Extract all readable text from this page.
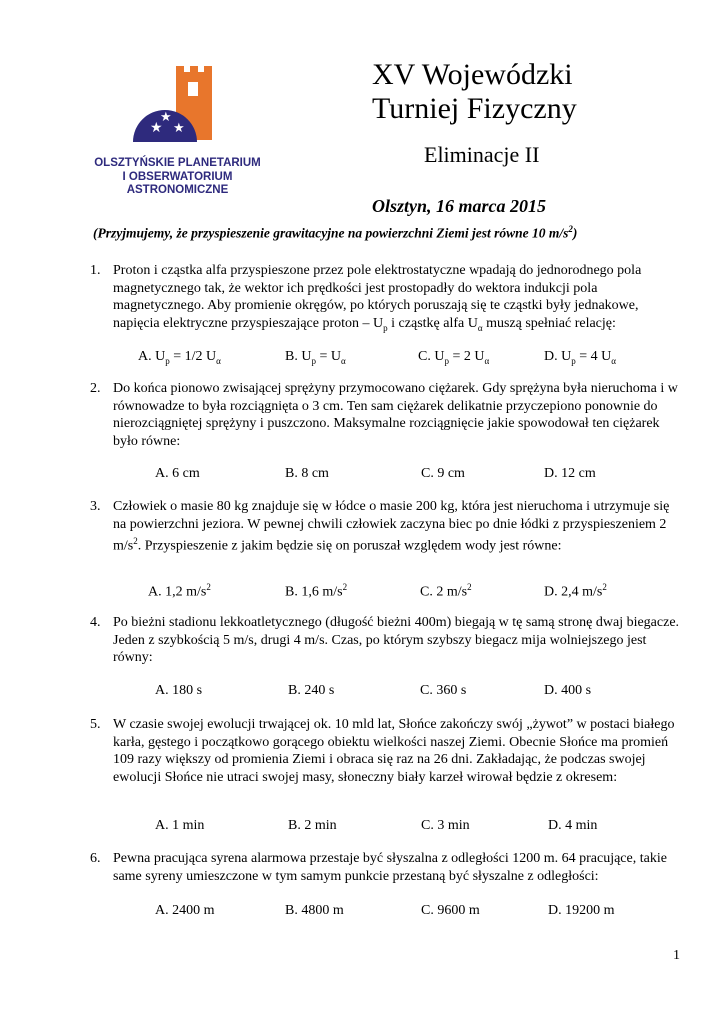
★
★
★
OLSZTYŃSKIE PLANETARIUM
I OBSERWATORIUM
ASTRONOMICZNE
XV Wojewódzki
Turniej Fizyczny
Eliminacje II
Olsztyn, 16 marca 2015
(Przyjmujemy, że przyspieszenie grawitacyjne na powierzchni Ziemi jest równe 10 $m/s^2$)
1. Proton i cząstka alfa przyspieszone przez pole elektrostatyczne wpadają do jednorodnego pola magnetycznego tak, że wektor ich prędkości jest prostopadły do wektora indukcji pola magnetycznego. Aby promienie okręgów, po których poruszają się te cząstki były jednakowe, napięcia elektryczne przyspieszające proton – $U_p$ i cząstkę alfa $U_\alpha$ muszą spełniać relację:
A. $U_p = 1/2$ $U_\alpha$	B. $U_p = U_\alpha$	C. $U_p = 2$ $U_\alpha$	D. $U_p = 4$ $U_\alpha$
2. Do końca pionowo zwisającej sprężyny przymocowano ciężarek. Gdy sprężyna była nieruchoma i w równowadze to była rozciągnięta o 3 cm. Ten sam ciężarek delikatnie przyczepiono ponownie do nierozciągniętej sprężyny i puszczono. Maksymalne rozciągnięcie jakie spowodował ten ciężarek było równe:
A. 6 cm	B. 8 cm	C. 9 cm	D. 12 cm
3. Człowiek o masie 80 kg znajduje się w łódce o masie 200 kg, która jest nieruchoma i utrzymuje się na powierzchni jeziora. W pewnej chwili człowiek zaczyna biec po dnie łódki z przyspieszeniem 2 $m/s^2$. Przyspieszenie z jakim będzie się on poruszał względem wody jest równe:
A. 1,2 $m/s^2$	B. 1,6 $m/s^2$	C. 2 $m/s^2$	D. 2,4 $m/s^2$
4. Po bieżni stadionu lekkoatletycznego (długość bieżni 400m) biegają w tę samą stronę dwaj biegacze. Jeden z szybkością 5 m/s, drugi 4 m/s. Czas, po którym szybszy biegacz mija wolniejszego jest równy:
A. 180 s	B. 240 s	C. 360 s	D. 400 s
5. W czasie swojej ewolucji trwającej ok. 10 mld lat, Słońce zakończy swój „żywot” w postaci białego karła, gęstego i początkowo gorącego obiektu wielkości naszej Ziemi. Obecnie Słońce ma promień 109 razy większy od promienia Ziemi i obraca się raz na 26 dni. Zakładając, że podczas swojej ewolucji Słońce nie utraci swojej masy, słoneczny biały karzeł wirował będzie z okresem:
A. 1 min	B. 2 min	C. 3 min	D. 4 min
6. Pewna pracująca syrena alarmowa przestaje być słyszalna z odległości 1200 m. 64 pracujące, takie same syreny umieszczone w tym samym punkcie przestaną być słyszalne z odległości:
A. 2400 m	B. 4800 m	C. 9600 m	D. 19200 m
1
